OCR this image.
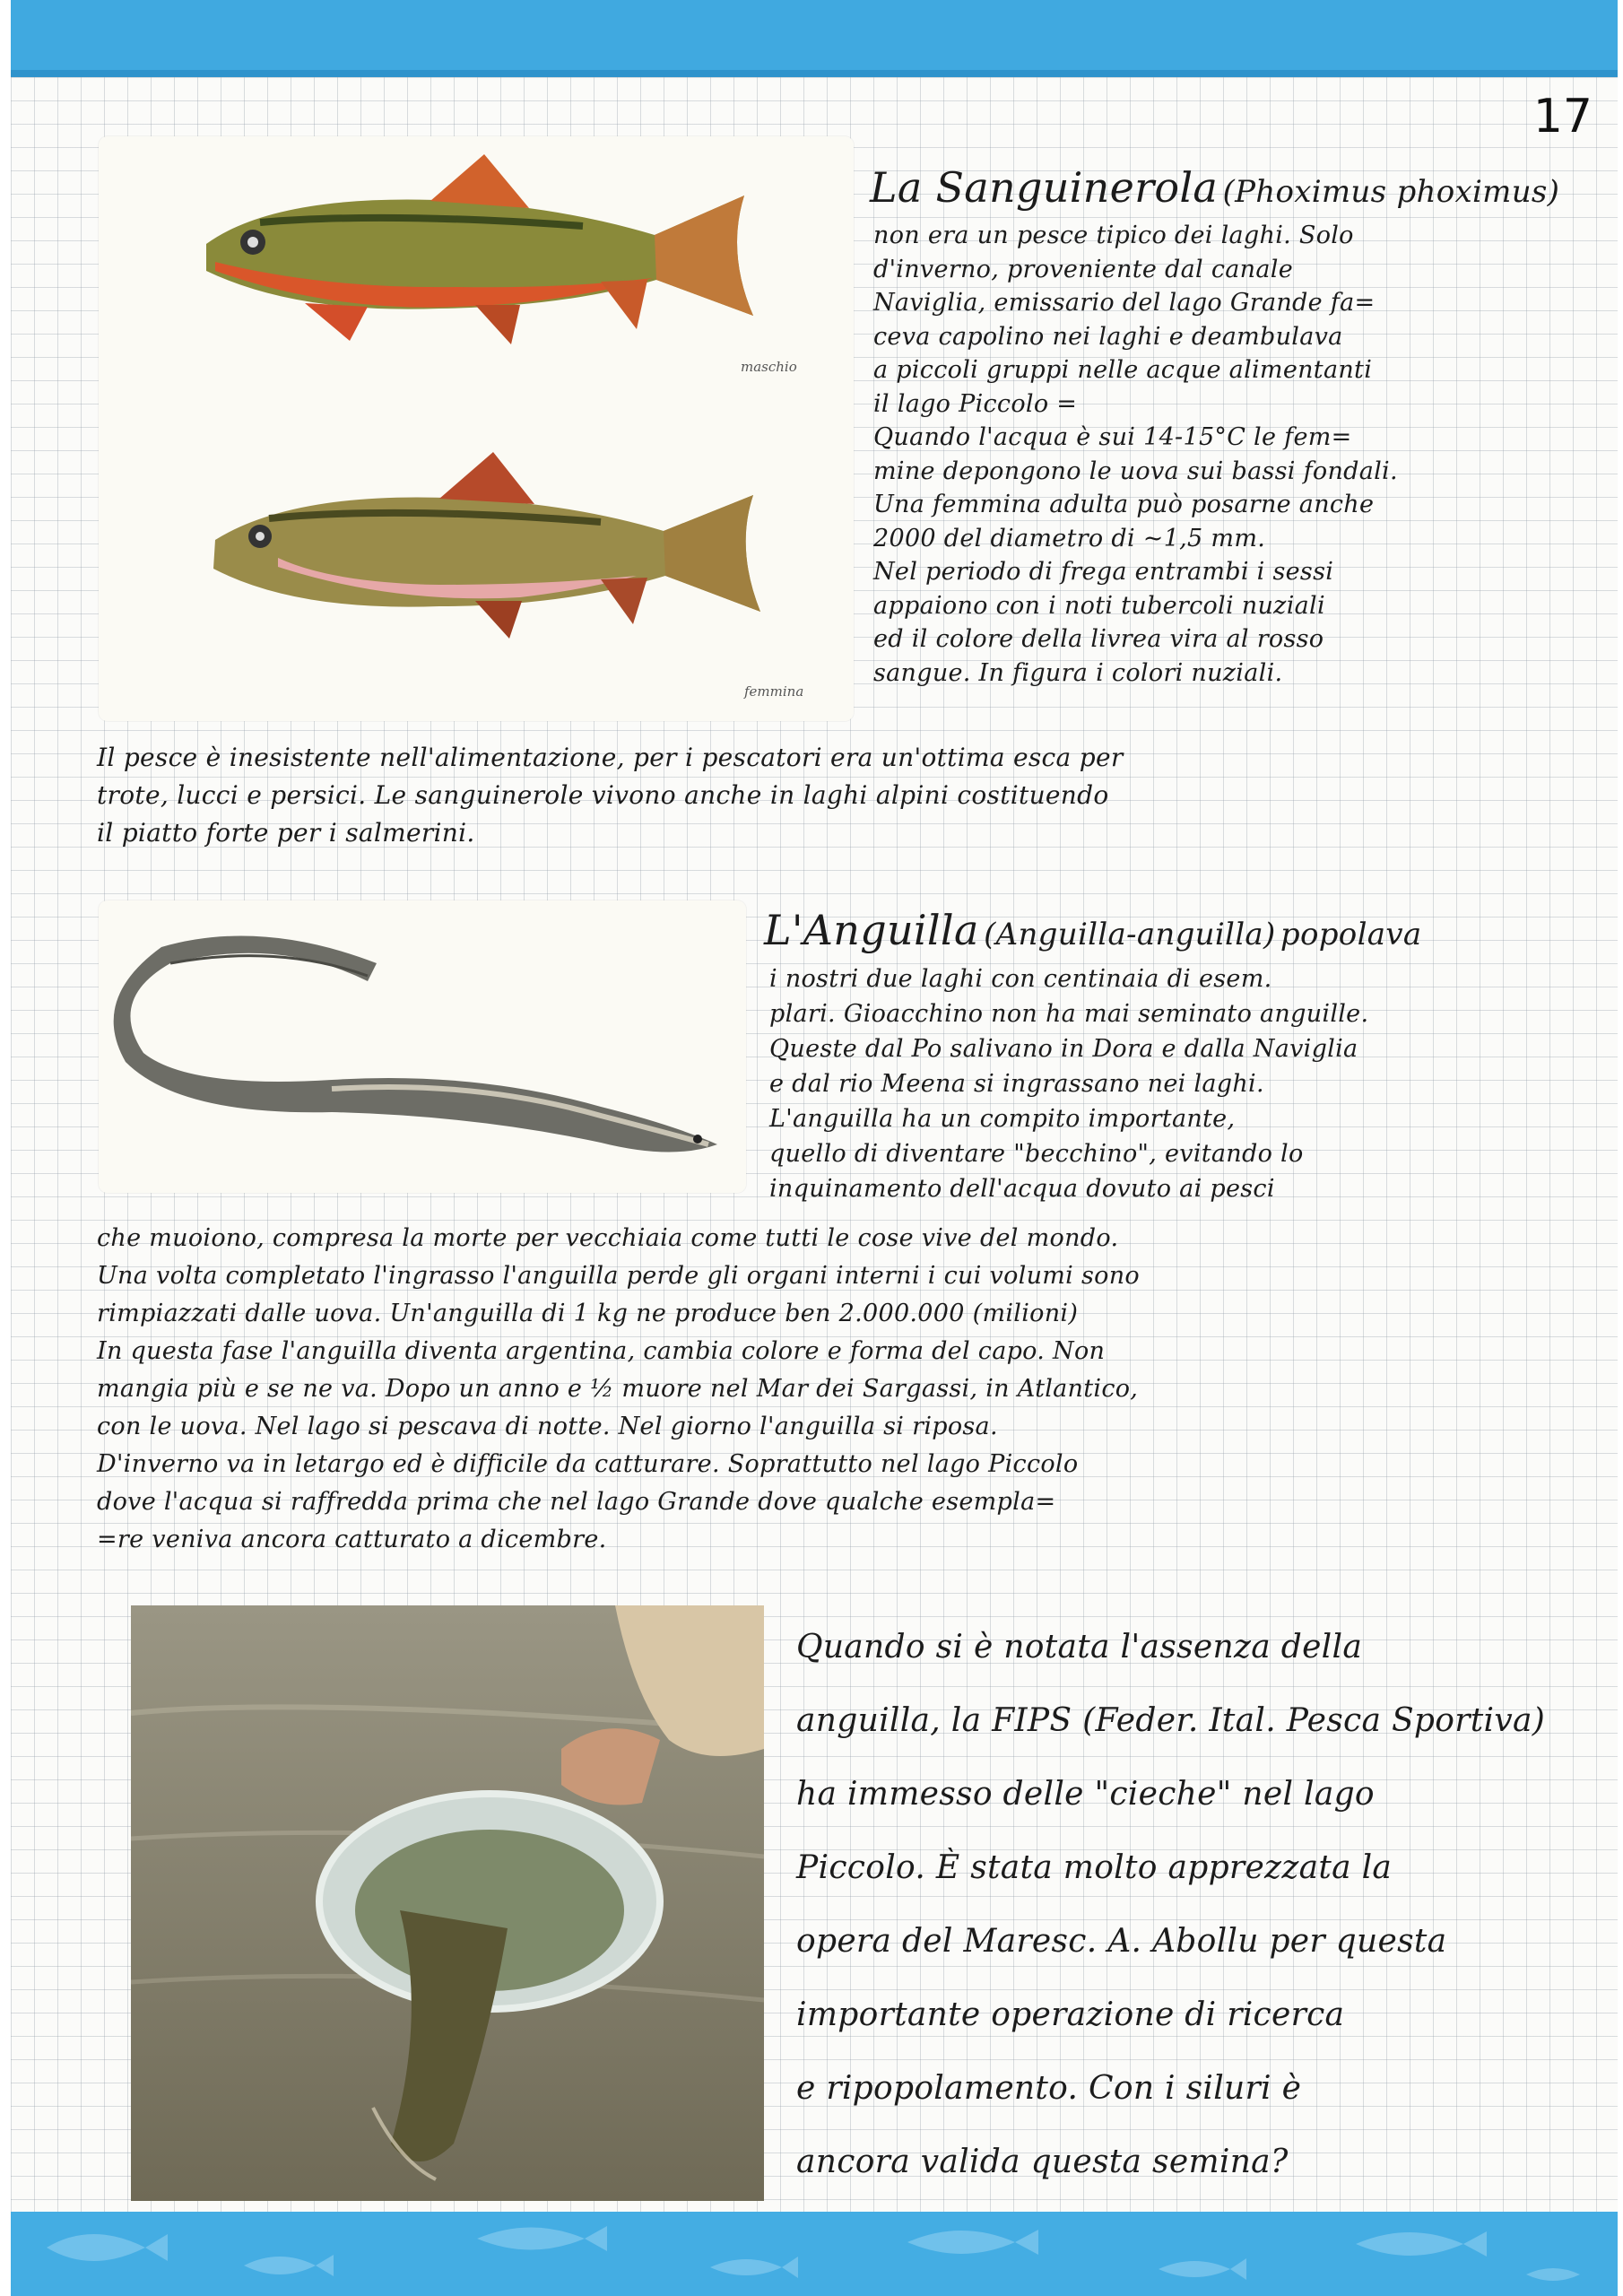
17
maschio
femmina
La Sanguinerola (Phoximus phoximus)
non era un pesce tipico dei laghi. Solo
d'inverno, proveniente dal canale
Naviglia, emissario del lago Grande fa=
ceva capolino nei laghi e deambulava
a piccoli gruppi nelle acque alimentanti
il lago Piccolo =
Quando l'acqua è sui 14-15°C le fem=
mine depongono le uova sui bassi fondali.
Una femmina adulta può posarne anche
2000 del diametro di ~1,5 mm.
Nel periodo di frega entrambi i sessi
appaiono con i noti tubercoli nuziali
ed il colore della livrea vira al rosso
sangue. In figura i colori nuziali.
Il pesce è inesistente nell'alimentazione, per i pescatori era un'ottima esca per
trote, lucci e persici. Le sanguinerole vivono anche in laghi alpini costituendo
il piatto forte per i salmerini.
L'Anguilla (Anguilla-anguilla) popolava
i nostri due laghi con centinaia di esem.
plari. Gioacchino non ha mai seminato anguille.
Queste dal Po salivano in Dora e dalla Naviglia
e dal rio Meena si ingrassano nei laghi.
L'anguilla ha un compito importante,
quello di diventare "becchino", evitando lo
inquinamento dell'acqua dovuto ai pesci
che muoiono, compresa la morte per vecchiaia come tutti le cose vive del mondo.
Una volta completato l'ingrasso l'anguilla perde gli organi interni i cui volumi sono
rimpiazzati dalle uova. Un'anguilla di 1 kg ne produce ben 2.000.000 (milioni)
In questa fase l'anguilla diventa argentina, cambia colore e forma del capo. Non
mangia più e se ne va. Dopo un anno e ½ muore nel Mar dei Sargassi, in Atlantico,
con le uova. Nel lago si pescava di notte. Nel giorno l'anguilla si riposa.
D'inverno va in letargo ed è difficile da catturare. Soprattutto nel lago Piccolo
dove l'acqua si raffredda prima che nel lago Grande dove qualche esempla=
=re veniva ancora catturato a dicembre.
Quando si è notata l'assenza della
anguilla, la FIPS (Feder. Ital. Pesca Sportiva)
ha immesso delle "cieche" nel lago
Piccolo. È stata molto apprezzata la
opera del Maresc. A. Abollu per questa
importante operazione di ricerca
e ripopolamento. Con i siluri è
ancora valida questa semina?
